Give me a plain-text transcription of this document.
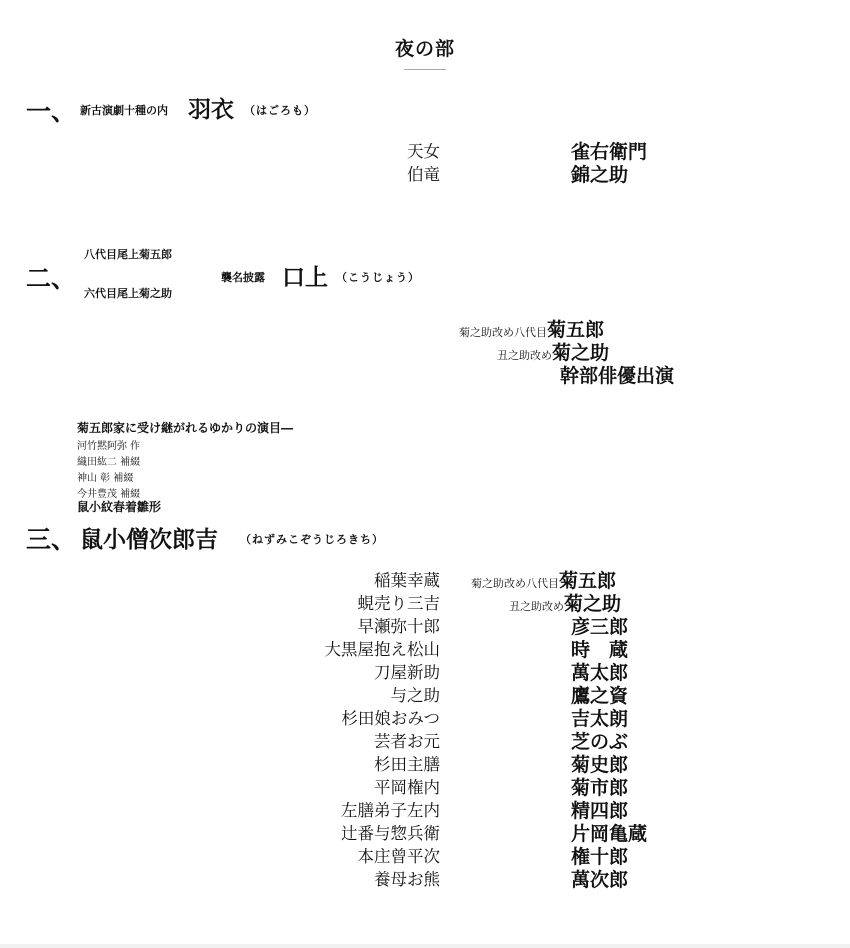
夜の部
一、 新古演劇十種の内 羽衣 （はごろも）
天女	雀右衛門
伯竜	錦之助
八代目尾上菊五郎
二、
六代目尾上菊之助
襲名披露 口上 （こうじょう）
菊之助改め八代目菊五郎
丑之助改め菊之助
幹部俳優出演
菊五郎家に受け継がれるゆかりの演目―
河竹黙阿弥 作
織田紘二 補綴
神山 彰 補綴
今井豊茂 補綴
鼠小紋春着雛形
三、 鼠小僧次郎吉 （ねずみこぞうじろきち）
稲葉幸蔵	菊之助改め八代目菊五郎
蜆売り三吉	丑之助改め菊之助
早瀬弥十郎	彦三郎
大黒屋抱え松山	時　蔵
刀屋新助	萬太郎
与之助	鷹之資
杉田娘おみつ	吉太朗
芸者お元	芝のぶ
杉田主膳	菊史郎
平岡権内	菊市郎
左膳弟子左内	精四郎
辻番与惣兵衛	片岡亀蔵
本庄曾平次	権十郎
養母お熊	萬次郎
